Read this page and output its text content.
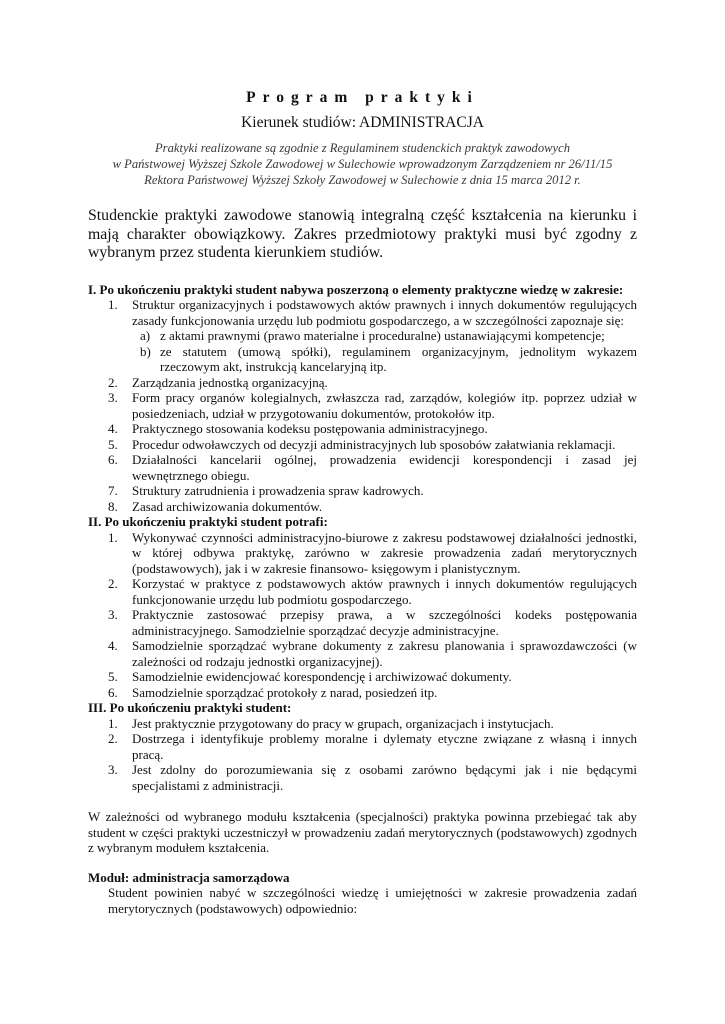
Program praktyki

Kierunek studiów: ADMINISTRACJA

Praktyki realizowane są zgodnie z Regulaminem studenckich praktyk zawodowych
w Państwowej Wyższej Szkole Zawodowej w Sulechowie wprowadzonym Zarządzeniem nr 26/11/15
Rektora Państwowej Wyższej Szkoły Zawodowej w Sulechowie z dnia 15 marca 2012 r.

Studenckie praktyki zawodowe stanowią integralną część kształcenia na kierunku i mają charakter obowiązkowy. Zakres przedmiotowy praktyki musi być zgodny z wybranym przez studenta kierunkiem studiów.

I. Po ukończeniu praktyki student nabywa poszerzoną o elementy praktyczne wiedzę w zakresie:

1. Struktur organizacyjnych i podstawowych aktów prawnych i innych dokumentów regulujących zasady funkcjonowania urzędu lub podmiotu gospodarczego, a w szczególności zapoznaje się:
a) z aktami prawnymi (prawo materialne i proceduralne) ustanawiającymi kompetencje;
b) ze statutem (umową spółki), regulaminem organizacyjnym, jednolitym wykazem rzeczowym akt, instrukcją kancelaryjną itp.
2. Zarządzania jednostką organizacyjną.
3. Form pracy organów kolegialnych, zwłaszcza rad, zarządów, kolegiów itp. poprzez udział w posiedzeniach, udział w przygotowaniu dokumentów, protokołów itp.
4. Praktycznego stosowania kodeksu postępowania administracyjnego.
5. Procedur odwoławczych od decyzji administracyjnych lub sposobów załatwiania reklamacji.
6. Działalności kancelarii ogólnej, prowadzenia ewidencji korespondencji i zasad jej wewnętrznego obiegu.
7. Struktury zatrudnienia i prowadzenia spraw kadrowych.
8. Zasad archiwizowania dokumentów.

II. Po ukończeniu praktyki student potrafi:

1. Wykonywać czynności administracyjno-biurowe z zakresu podstawowej działalności jednostki, w której odbywa praktykę, zarówno w zakresie prowadzenia zadań merytorycznych (podstawowych), jak i w zakresie finansowo- księgowym i planistycznym.
2. Korzystać w praktyce z podstawowych aktów prawnych i innych dokumentów regulujących funkcjonowanie urzędu lub podmiotu gospodarczego.
3. Praktycznie zastosować przepisy prawa, a w szczególności kodeks postępowania administracyjnego. Samodzielnie sporządzać decyzje administracyjne.
4. Samodzielnie sporządzać wybrane dokumenty z zakresu planowania i sprawozdawczości (w zależności od rodzaju jednostki organizacyjnej).
5. Samodzielnie ewidencjować korespondencję i archiwizować dokumenty.
6. Samodzielnie sporządzać protokoły z narad, posiedzeń itp.

III. Po ukończeniu praktyki student:

1. Jest praktycznie przygotowany do pracy w grupach, organizacjach i instytucjach.
2. Dostrzega i identyfikuje problemy moralne i dylematy etyczne związane z własną i innych pracą.
3. Jest zdolny do porozumiewania się z osobami zarówno będącymi jak i nie będącymi specjalistami z administracji.

W zależności od wybranego modułu kształcenia (specjalności) praktyka powinna przebiegać tak aby student w części praktyki uczestniczył w prowadzeniu zadań merytorycznych (podstawowych) zgodnych z wybranym modułem kształcenia.

Moduł: administracja samorządowa

Student powinien nabyć w szczególności wiedzę i umiejętności w zakresie prowadzenia zadań merytorycznych (podstawowych) odpowiednio:
